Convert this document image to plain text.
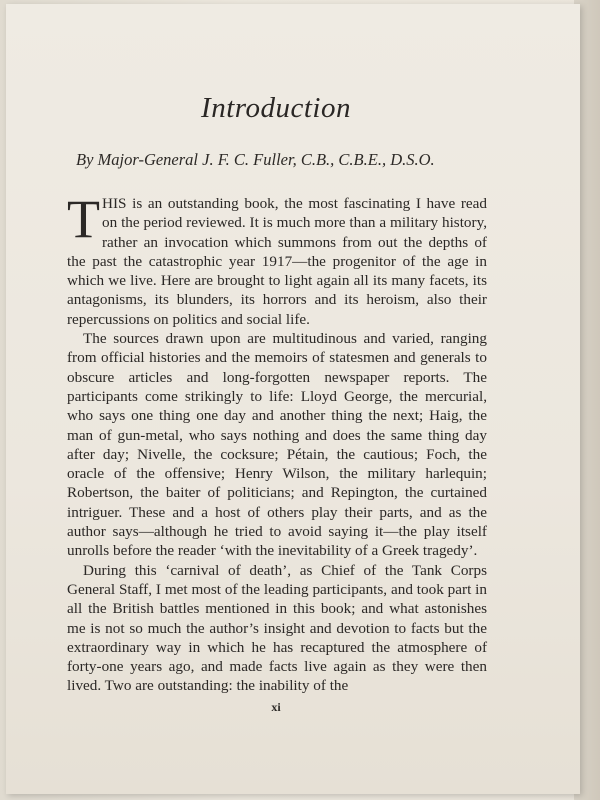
Introduction
By Major-General J. F. C. Fuller, C.B., C.B.E., D.S.O.

THIS is an outstanding book, the most fascinating I have read on the period reviewed. It is much more than a military history, rather an invocation which summons from out the depths of the past the catastrophic year 1917—the progenitor of the age in which we live. Here are brought to light again all its many facets, its antagonisms, its blunders, its horrors and its heroism, also their repercussions on politics and social life.

The sources drawn upon are multitudinous and varied, ranging from official histories and the memoirs of statesmen and generals to obscure articles and long-forgotten newspaper reports. The participants come strikingly to life: Lloyd George, the mercurial, who says one thing one day and another thing the next; Haig, the man of gun-metal, who says nothing and does the same thing day after day; Nivelle, the cocksure; Pétain, the cautious; Foch, the oracle of the offensive; Henry Wilson, the military harlequin; Robertson, the baiter of politicians; and Repington, the curtained intriguer. These and a host of others play their parts, and as the author says—although he tried to avoid saying it—the play itself unrolls before the reader ‘with the inevitability of a Greek tragedy’.

During this ‘carnival of death’, as Chief of the Tank Corps General Staff, I met most of the leading participants, and took part in all the British battles mentioned in this book; and what astonishes me is not so much the author’s insight and devotion to facts but the extraordinary way in which he has recaptured the atmosphere of forty-one years ago, and made facts live again as they were then lived. Two are outstanding: the inability of the

xi
